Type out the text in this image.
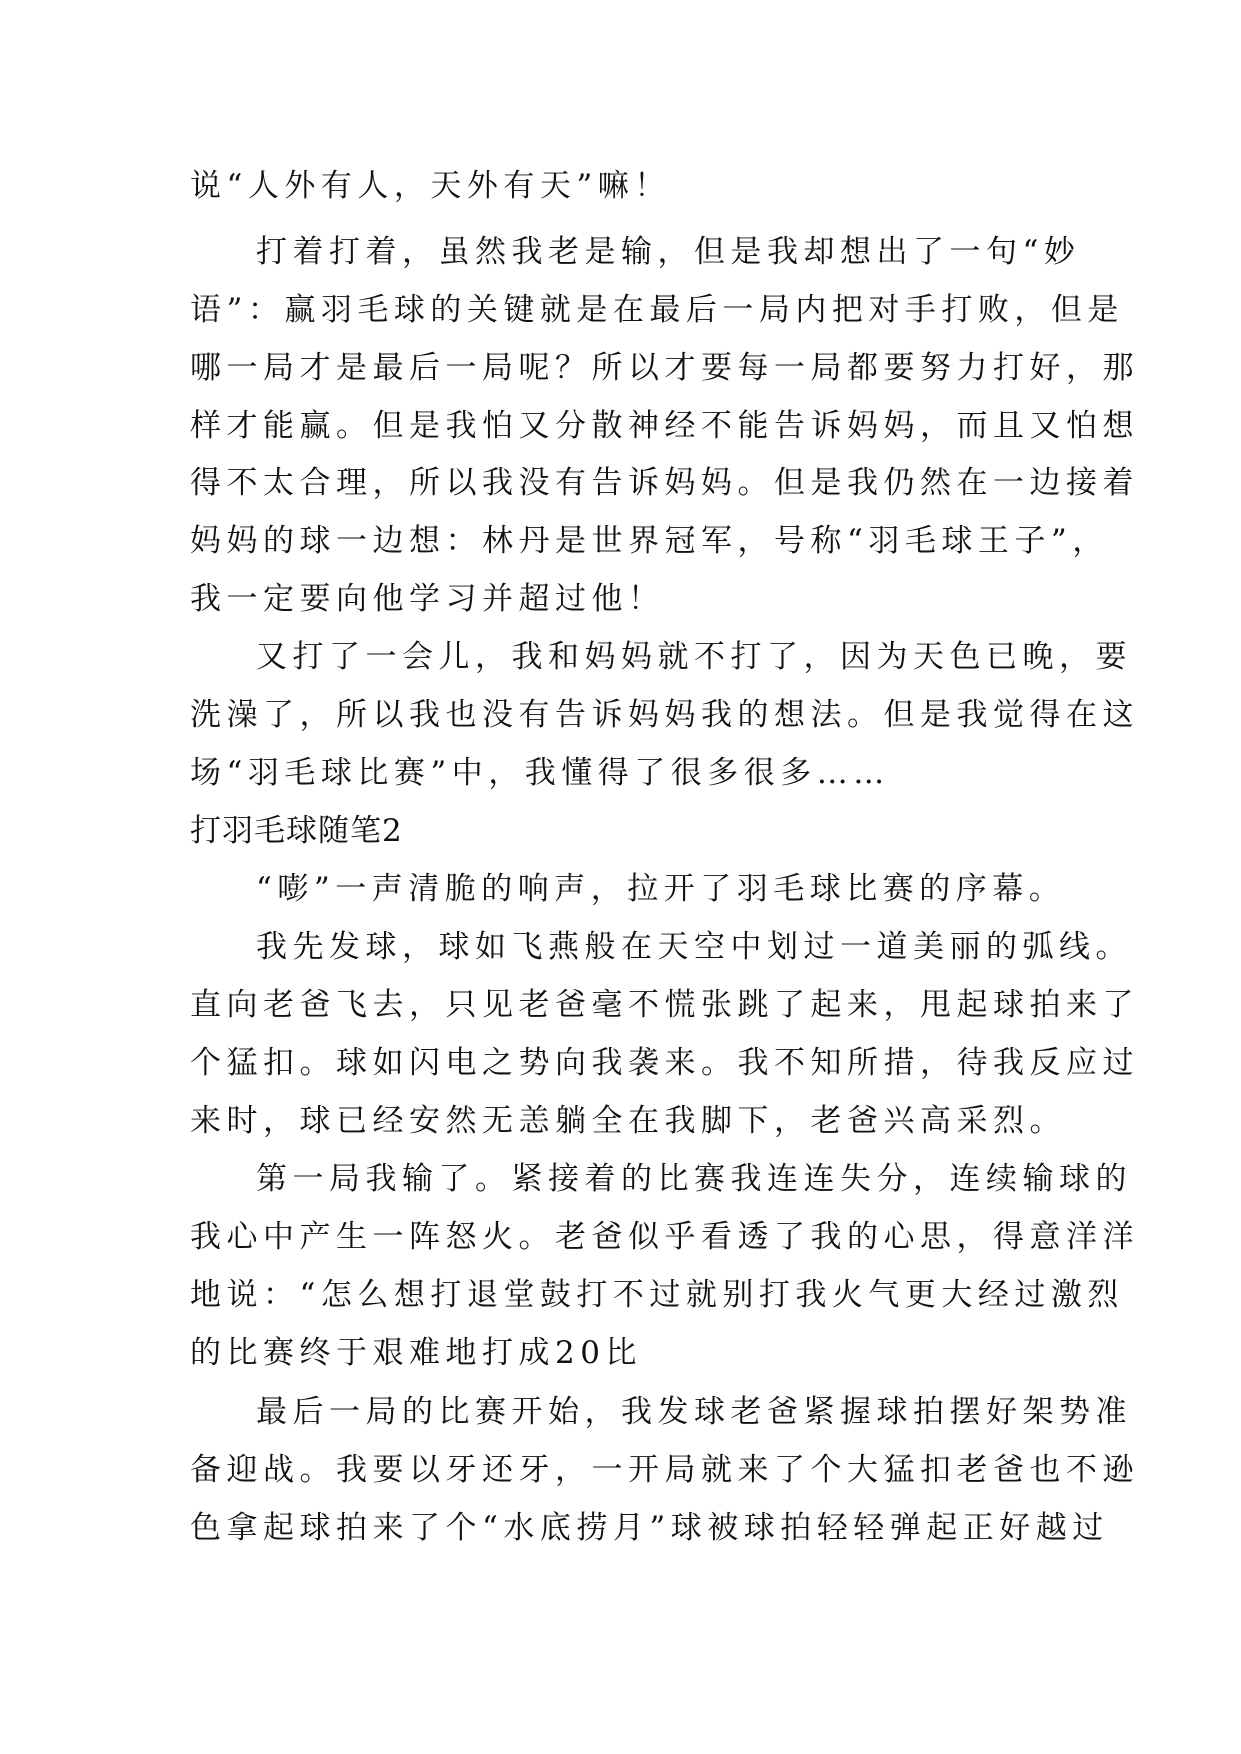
说“人外有人，天外有天”嘛！
打着打着，虽然我老是输，但是我却想出了一句“妙
语”：赢羽毛球的关键就是在最后一局内把对手打败，但是
哪一局才是最后一局呢？所以才要每一局都要努力打好，那
样才能赢。但是我怕又分散神经不能告诉妈妈，而且又怕想
得不太合理，所以我没有告诉妈妈。但是我仍然在一边接着
妈妈的球一边想：林丹是世界冠军，号称“羽毛球王子”，
我一定要向他学习并超过他！
又打了一会儿，我和妈妈就不打了，因为天色已晚，要
洗澡了，所以我也没有告诉妈妈我的想法。但是我觉得在这
场“羽毛球比赛”中，我懂得了很多很多……
打羽毛球随笔2
“嘭”一声清脆的响声，拉开了羽毛球比赛的序幕。
我先发球，球如飞燕般在天空中划过一道美丽的弧线。
直向老爸飞去，只见老爸毫不慌张跳了起来，甩起球拍来了
个猛扣。球如闪电之势向我袭来。我不知所措，待我反应过
来时，球已经安然无恙躺全在我脚下，老爸兴高采烈。
第一局我输了。紧接着的比赛我连连失分，连续输球的
我心中产生一阵怒火。老爸似乎看透了我的心思，得意洋洋
地说：“怎么想打退堂鼓打不过就别打我火气更大经过激烈
的比赛终于艰难地打成20比
最后一局的比赛开始，我发球老爸紧握球拍摆好架势准
备迎战。我要以牙还牙，一开局就来了个大猛扣老爸也不逊
色拿起球拍来了个“水底捞月”球被球拍轻轻弹起正好越过
